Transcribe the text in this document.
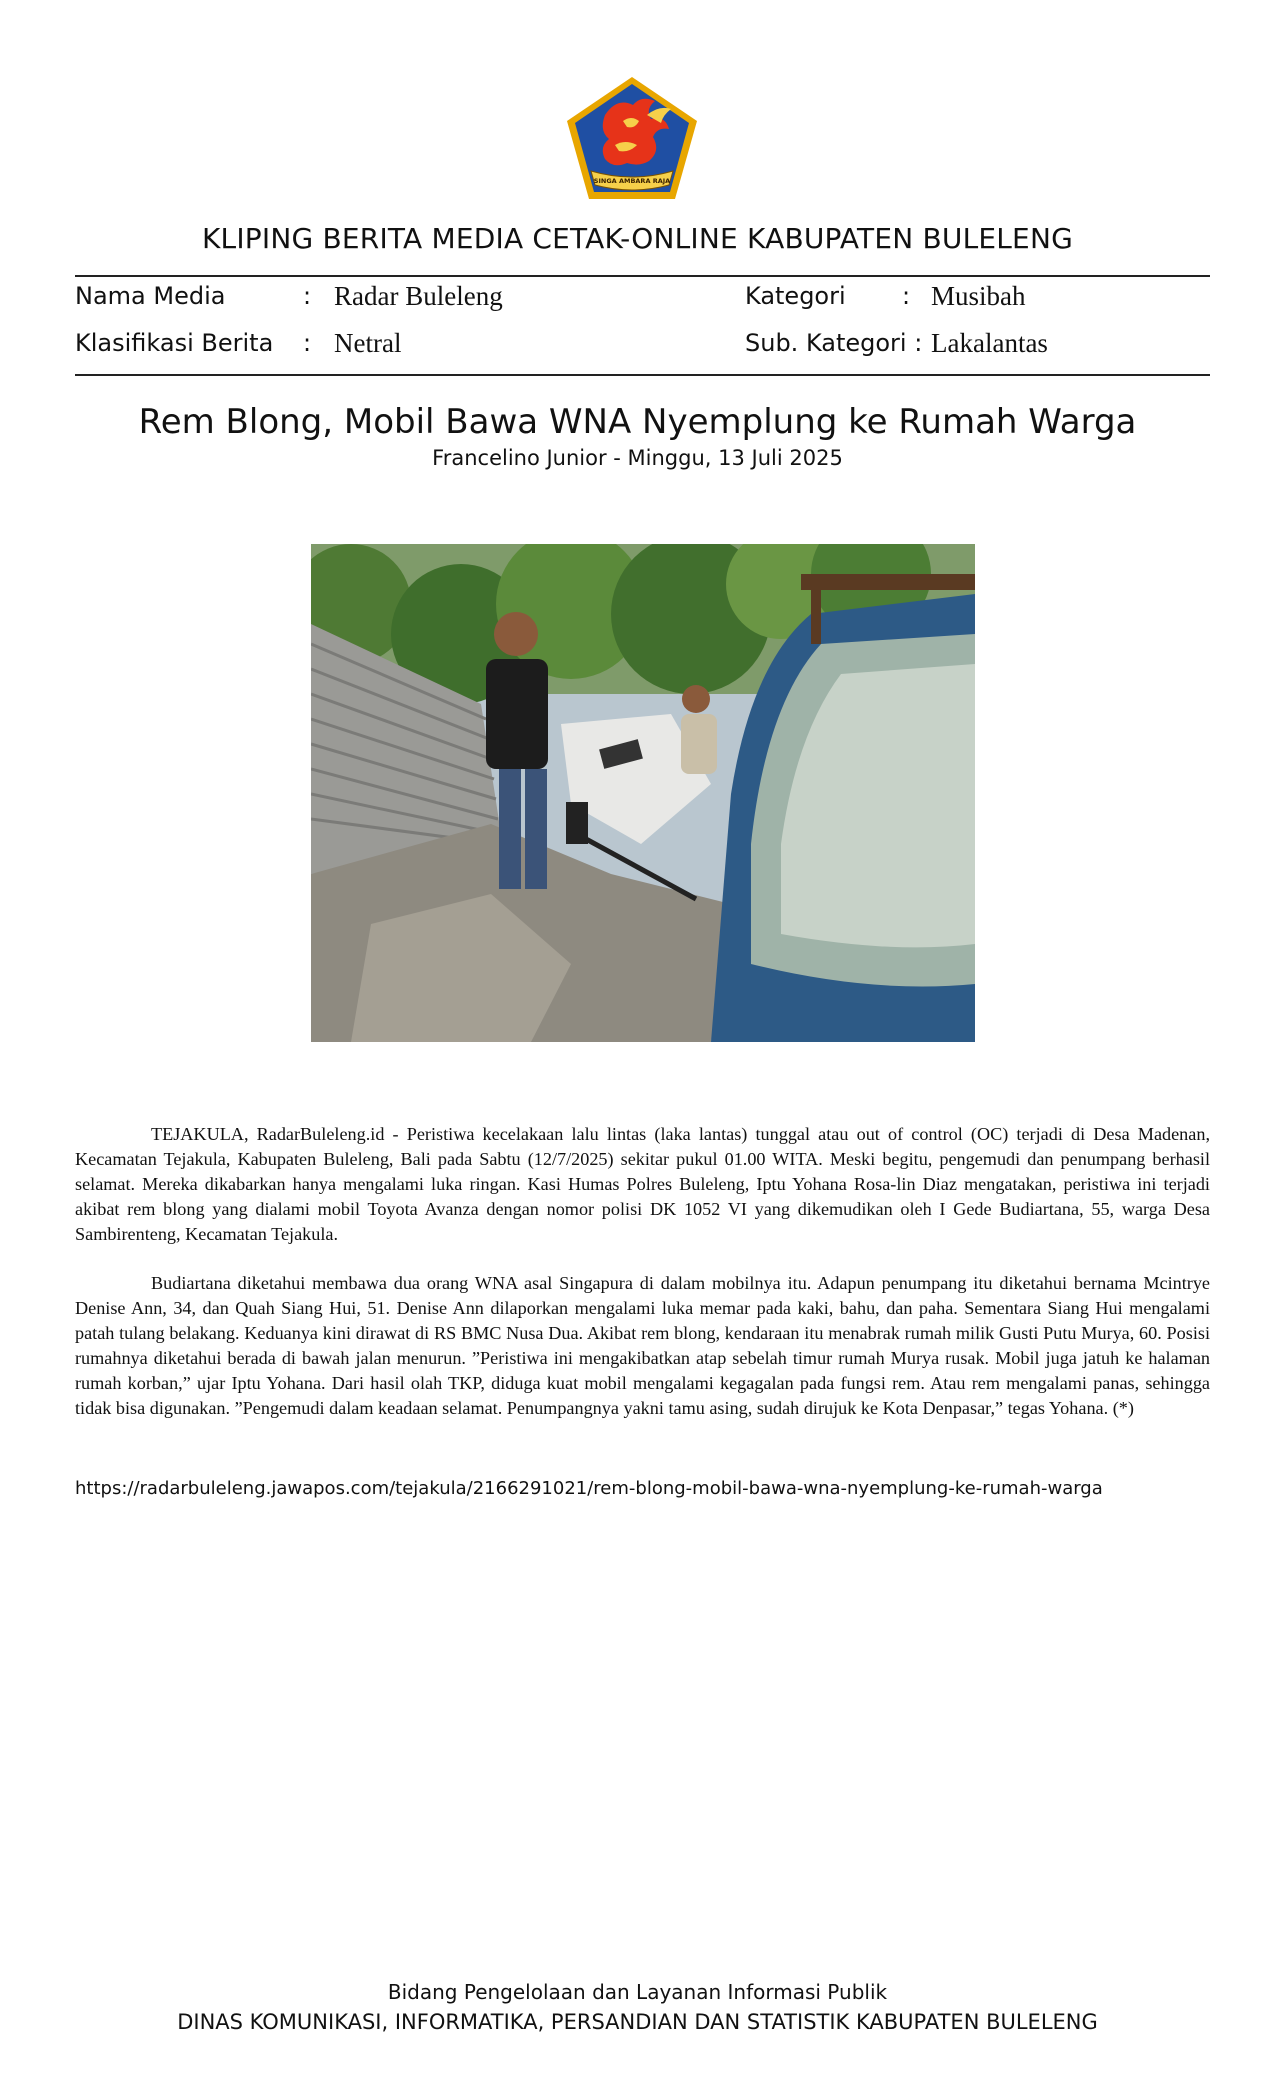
SINGA AMBARA RAJA
KLIPING BERITA MEDIA CETAK-ONLINE KABUPATEN BULELENG
Nama Media	: Radar Buleleng	Kategori : Musibah
Klasifikasi Berita : Netral	Sub. Kategori : Lakalantas
Rem Blong, Mobil Bawa WNA Nyemplung ke Rumah Warga
Francelino Junior - Minggu, 13 Juli 2025

TEJAKULA, RadarBuleleng.id - Peristiwa kecelakaan lalu lintas (laka lantas) tunggal atau out of control (OC) terjadi di Desa Madenan, Kecamatan Tejakula, Kabupaten Buleleng, Bali pada Sabtu (12/7/2025) sekitar pukul 01.00 WITA. Meski begitu, pengemudi dan penumpang berhasil selamat. Mereka dikabarkan hanya mengalami luka ringan. Kasi Humas Polres Buleleng, Iptu Yohana Rosa-lin Diaz mengatakan, peristiwa ini terjadi akibat rem blong yang dialami mobil Toyota Avanza dengan nomor polisi DK 1052 VI yang dikemudikan oleh I Gede Budiartana, 55, warga Desa Sambirenteng, Kecamatan Tejakula.

Budiartana diketahui membawa dua orang WNA asal Singapura di dalam mobilnya itu. Adapun penumpang itu diketahui bernama Mcintrye Denise Ann, 34, dan Quah Siang Hui, 51. Denise Ann dilaporkan mengalami luka memar pada kaki, bahu, dan paha. Sementara Siang Hui mengalami patah tulang belakang. Keduanya kini dirawat di RS BMC Nusa Dua. Akibat rem blong, kendaraan itu menabrak rumah milik Gusti Putu Murya, 60. Posisi rumahnya diketahui berada di bawah jalan menurun. ”Peristiwa ini mengakibatkan atap sebelah timur rumah Murya rusak. Mobil juga jatuh ke halaman rumah korban,” ujar Iptu Yohana. Dari hasil olah TKP, diduga kuat mobil mengalami kegagalan pada fungsi rem. Atau rem mengalami panas, sehingga tidak bisa digunakan. ”Pengemudi dalam keadaan selamat. Penumpangnya yakni tamu asing, sudah dirujuk ke Kota Denpasar,” tegas Yohana. (*)

https://radarbuleleng.jawapos.com/tejakula/2166291021/rem-blong-mobil-bawa-wna-nyemplung-ke-rumah-warga
Bidang Pengelolaan dan Layanan Informasi Publik
DINAS KOMUNIKASI, INFORMATIKA, PERSANDIAN DAN STATISTIK KABUPATEN BULELENG
